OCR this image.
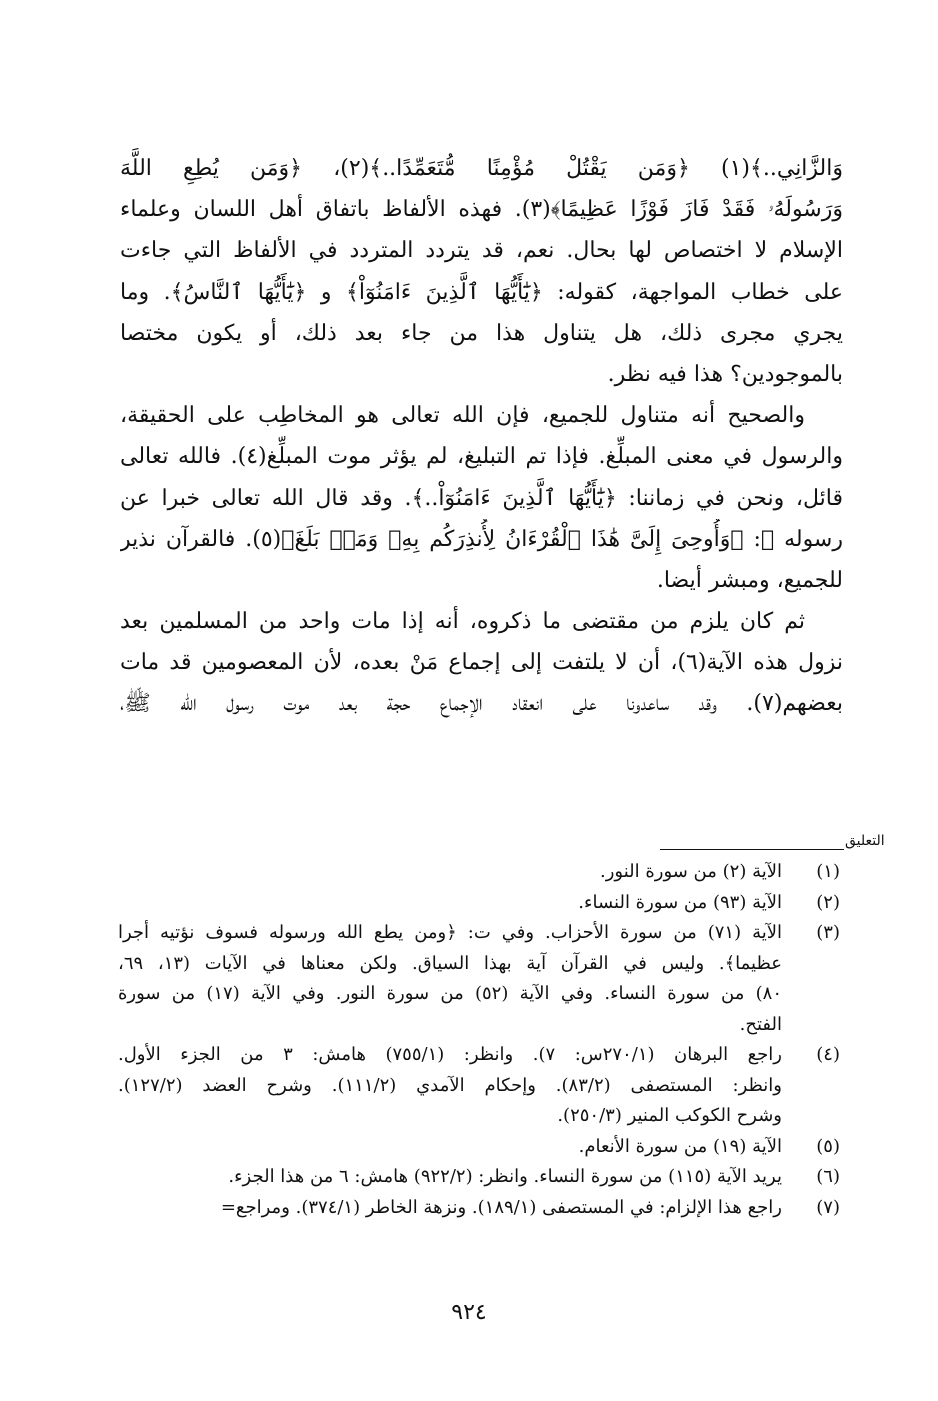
وَالزَّانِي..﴾(١) ﴿وَمَن يَقْتُلْ مُؤْمِنًا مُّتَعَمِّدًا..﴾(٢)، ﴿وَمَن يُطِعِ اللَّهَ
وَرَسُولَهُۥ فَقَدْ فَازَ فَوْزًا عَظِيمًا﴾(٣). فهذه الألفاظ باتفاق أهل اللسان وعلماء
الإسلام لا اختصاص لها بحال. نعم، قد يتردد المتردد في الألفاظ التي جاءت
على خطاب المواجهة، كقوله: ﴿يَٰٓأَيُّهَا ٱلَّذِينَ ءَامَنُوٓاْ﴾ و ﴿يَٰٓأَيُّهَا ٱلنَّاسُ﴾. وما
يجري مجرى ذلك، هل يتناول هذا من جاء بعد ذلك، أو يكون مختصا
بالموجودين؟ هذا فيه نظر.
والصحيح أنه متناول للجميع، فإن الله تعالى هو المخاطِب على الحقيقة،
والرسول في معنى المبلِّغ. فإذا تم التبليغ، لم يؤثر موت المبلِّغ(٤). فالله تعالى
قائل، ونحن في زماننا: ﴿يَٰٓأَيُّهَا ٱلَّذِينَ ءَامَنُوٓاْ..﴾. وقد قال الله تعالى خبرا عن
رسوله ﷺ: ﴿وَأُوحِىَ إِلَىَّ هَٰذَا ٱلْقُرْءَانُ لِأُنذِرَكُم بِهِۦ وَمَنۢ بَلَغَ﴾(٥). فالقرآن نذير
للجميع، ومبشر أيضا.
ثم كان يلزم من مقتضى ما ذكروه، أنه إذا مات واحد من المسلمين بعد
نزول هذه الآية(٦)، أن لا يلتفت إلى إجماع مَنْ بعده، لأن المعصومين قد مات
بعضهم(٧). وقد ساعدونا على انعقاد الإجماع حجة بعد موت رسول الله ﷺ،
التعليق
(١)
الآية (٢) من سورة النور.
(٢)
الآية (٩٣) من سورة النساء.
(٣)
الآية (٧١) من سورة الأحزاب. وفي ت: ﴿ومن يطع الله ورسوله فسوف نؤتيه أجرا
عظيما﴾. وليس في القرآن آية بهذا السياق. ولكن معناها في الآيات (١٣، ٦٩،
٨٠) من سورة النساء. وفي الآية (٥٢) من سورة النور. وفي الآية (١٧) من سورة
الفتح.
(٤)
راجع البرهان (٢٧٠/١س: ٧). وانظر: (٧٥٥/١) هامش: ٣ من الجزء الأول.
وانظر: المستصفى (٨٣/٢). وإحكام الآمدي (١١١/٢). وشرح العضد (١٢٧/٢).
وشرح الكوكب المنير (٢٥٠/٣).
(٥)
الآية (١٩) من سورة الأنعام.
(٦)
يريد الآية (١١٥) من سورة النساء. وانظر: (٩٢٢/٢) هامش: ٦ من هذا الجزء.
(٧)
راجع هذا الإلزام: في المستصفى (١٨٩/١). ونزهة الخاطر (٣٧٤/١). ومراجع=
٩٢٤
